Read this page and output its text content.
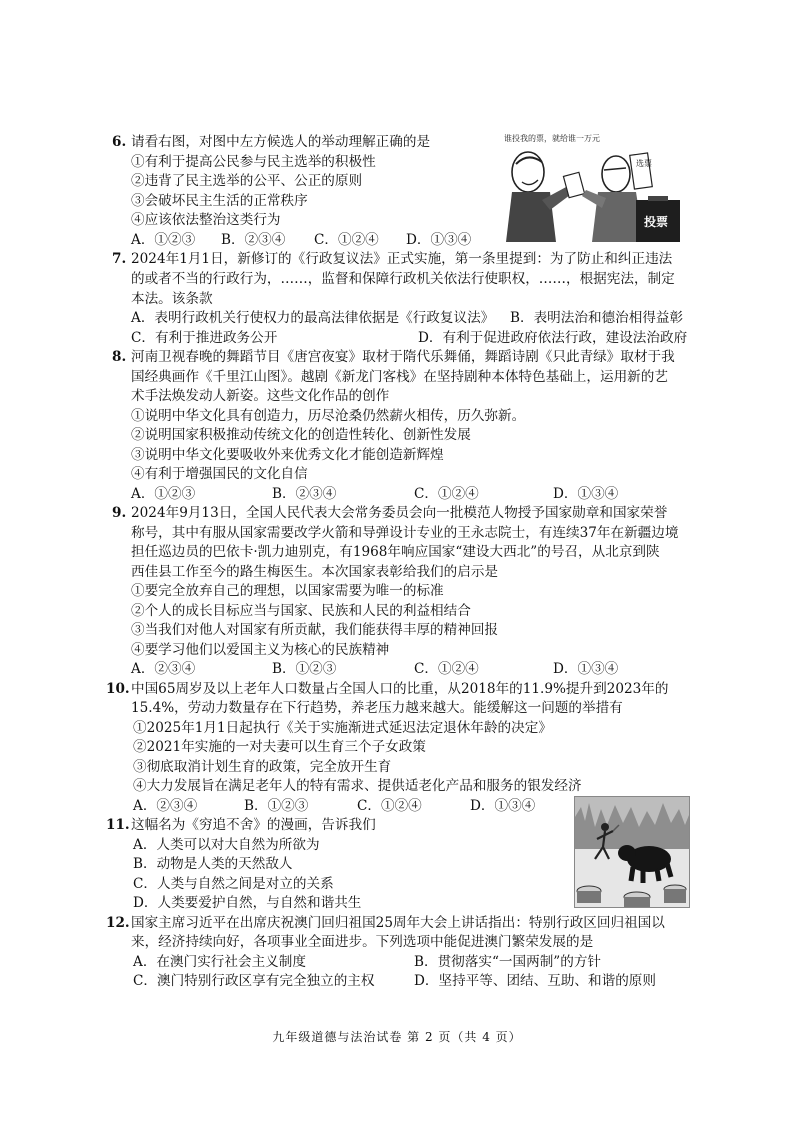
6. 请看右图，对图中左方候选人的举动理解正确的是
①有利于提高公民参与民主选举的积极性
②违背了民主选举的公平、公正的原则
③会破坏民主生活的正常秩序
④应该依法整治这类行为
A．①②③ B．②③④ C．①②④ D．①③④
谁投我的票，就给谁一万元
选票
投票
7. 2024年1月1日，新修订的《行政复议法》正式实施，第一条里提到：为了防止和纠正违法
的或者不当的行政行为，……，监督和保障行政机关依法行使职权，……，根据宪法，制定
本法。该条款
A．表明行政机关行使权力的最高法律依据是《行政复议法》 B．表明法治和德治相得益彰
C．有利于推进政务公开	D．有利于促进政府依法行政，建设法治政府
8. 河南卫视春晚的舞蹈节目《唐宫夜宴》取材于隋代乐舞俑，舞蹈诗剧《只此青绿》取材于我
国经典画作《千里江山图》。越剧《新龙门客栈》在坚持剧种本体特色基础上，运用新的艺
术手法焕发动人新姿。这些文化作品的创作
①说明中华文化具有创造力，历尽沧桑仍然薪火相传，历久弥新。
②说明国家积极推动传统文化的创造性转化、创新性发展
③说明中华文化要吸收外来优秀文化才能创造新辉煌
④有利于增强国民的文化自信
A．①②③	B．②③④	C．①②④	D．①③④
9. 2024年9月13日，全国人民代表大会常务委员会向一批模范人物授予国家勋章和国家荣誉
称号，其中有服从国家需要改学火箭和导弹设计专业的王永志院士，有连续37年在新疆边境
担任巡边员的巴依卡·凯力迪别克，有1968年响应国家“建设大西北”的号召，从北京到陕
西佳县工作至今的路生梅医生。本次国家表彰给我们的启示是
①要完全放弃自己的理想，以国家需要为唯一的标准
②个人的成长目标应当与国家、民族和人民的利益相结合
③当我们对他人对国家有所贡献，我们能获得丰厚的精神回报
④要学习他们以爱国主义为核心的民族精神
A．②③④	B．①②③	C．①②④	D．①③④
10. 中国65周岁及以上老年人口数量占全国人口的比重，从2018年的11.9%提升到2023年的
15.4%，劳动力数量存在下行趋势，养老压力越来越大。能缓解这一问题的举措有
①2025年1月1日起执行《关于实施渐进式延迟法定退休年龄的决定》
②2021年实施的一对夫妻可以生育三个子女政策
③彻底取消计划生育的政策，完全放开生育
④大力发展旨在满足老年人的特有需求、提供适老化产品和服务的银发经济
A．②③④	B．①②③	C．①②④	D．①③④
11. 这幅名为《穷追不舍》的漫画，告诉我们
A．人类可以对大自然为所欲为
B．动物是人类的天然敌人
C．人类与自然之间是对立的关系
D．人类要爱护自然，与自然和谐共生
12. 国家主席习近平在出席庆祝澳门回归祖国25周年大会上讲话指出：特别行政区回归祖国以
来，经济持续向好，各项事业全面进步。下列选项中能促进澳门繁荣发展的是
A．在澳门实行社会主义制度	B．贯彻落实“一国两制”的方针
C．澳门特别行政区享有完全独立的主权	D．坚持平等、团结、互助、和谐的原则
九年级道德与法治试卷 第 2 页（共 4 页）
